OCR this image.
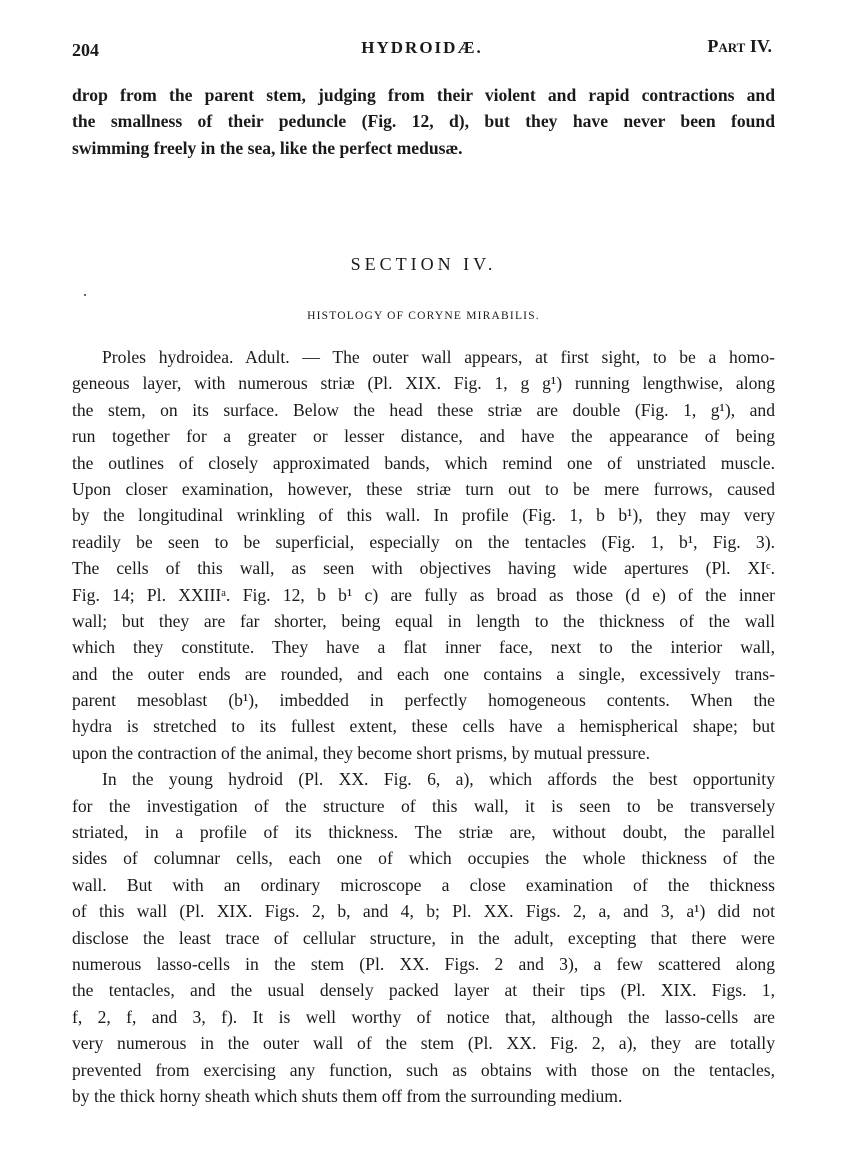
204	HYDROIDÆ.	Part IV.
drop from the parent stem, judging from their violent and rapid contractions and
the smallness of their peduncle (Fig. 12, d), but they have never been found
swimming freely in the sea, like the perfect medusæ.
SECTION IV.
HISTOLOGY OF CORYNE MIRABILIS.
Proles hydroidea. Adult. — The outer wall appears, at first sight, to be a homo-
geneous layer, with numerous striæ (Pl. XIX. Fig. 1, g g¹) running lengthwise, along
the stem, on its surface. Below the head these striæ are double (Fig. 1, g¹), and
run together for a greater or lesser distance, and have the appearance of being
the outlines of closely approximated bands, which remind one of unstriated muscle.
Upon closer examination, however, these striæ turn out to be mere furrows, caused
by the longitudinal wrinkling of this wall. In profile (Fig. 1, b b¹), they may very
readily be seen to be superficial, especially on the tentacles (Fig. 1, b¹, Fig. 3).
The cells of this wall, as seen with objectives having wide apertures (Pl. XIᶜ.
Fig. 14; Pl. XXIIIᵃ. Fig. 12, b b¹ c) are fully as broad as those (d e) of the inner
wall; but they are far shorter, being equal in length to the thickness of the wall
which they constitute. They have a flat inner face, next to the interior wall,
and the outer ends are rounded, and each one contains a single, excessively trans-
parent mesoblast (b¹), imbedded in perfectly homogeneous contents. When the
hydra is stretched to its fullest extent, these cells have a hemispherical shape; but
upon the contraction of the animal, they become short prisms, by mutual pressure.
In the young hydroid (Pl. XX. Fig. 6, a), which affords the best opportunity
for the investigation of the structure of this wall, it is seen to be transversely
striated, in a profile of its thickness. The striæ are, without doubt, the parallel
sides of columnar cells, each one of which occupies the whole thickness of the
wall. But with an ordinary microscope a close examination of the thickness
of this wall (Pl. XIX. Figs. 2, b, and 4, b; Pl. XX. Figs. 2, a, and 3, a¹) did not
disclose the least trace of cellular structure, in the adult, excepting that there were
numerous lasso-cells in the stem (Pl. XX. Figs. 2 and 3), a few scattered along
the tentacles, and the usual densely packed layer at their tips (Pl. XIX. Figs. 1,
f, 2, f, and 3, f). It is well worthy of notice that, although the lasso-cells are
very numerous in the outer wall of the stem (Pl. XX. Fig. 2, a), they are totally
prevented from exercising any function, such as obtains with those on the tentacles,
by the thick horny sheath which shuts them off from the surrounding medium.
